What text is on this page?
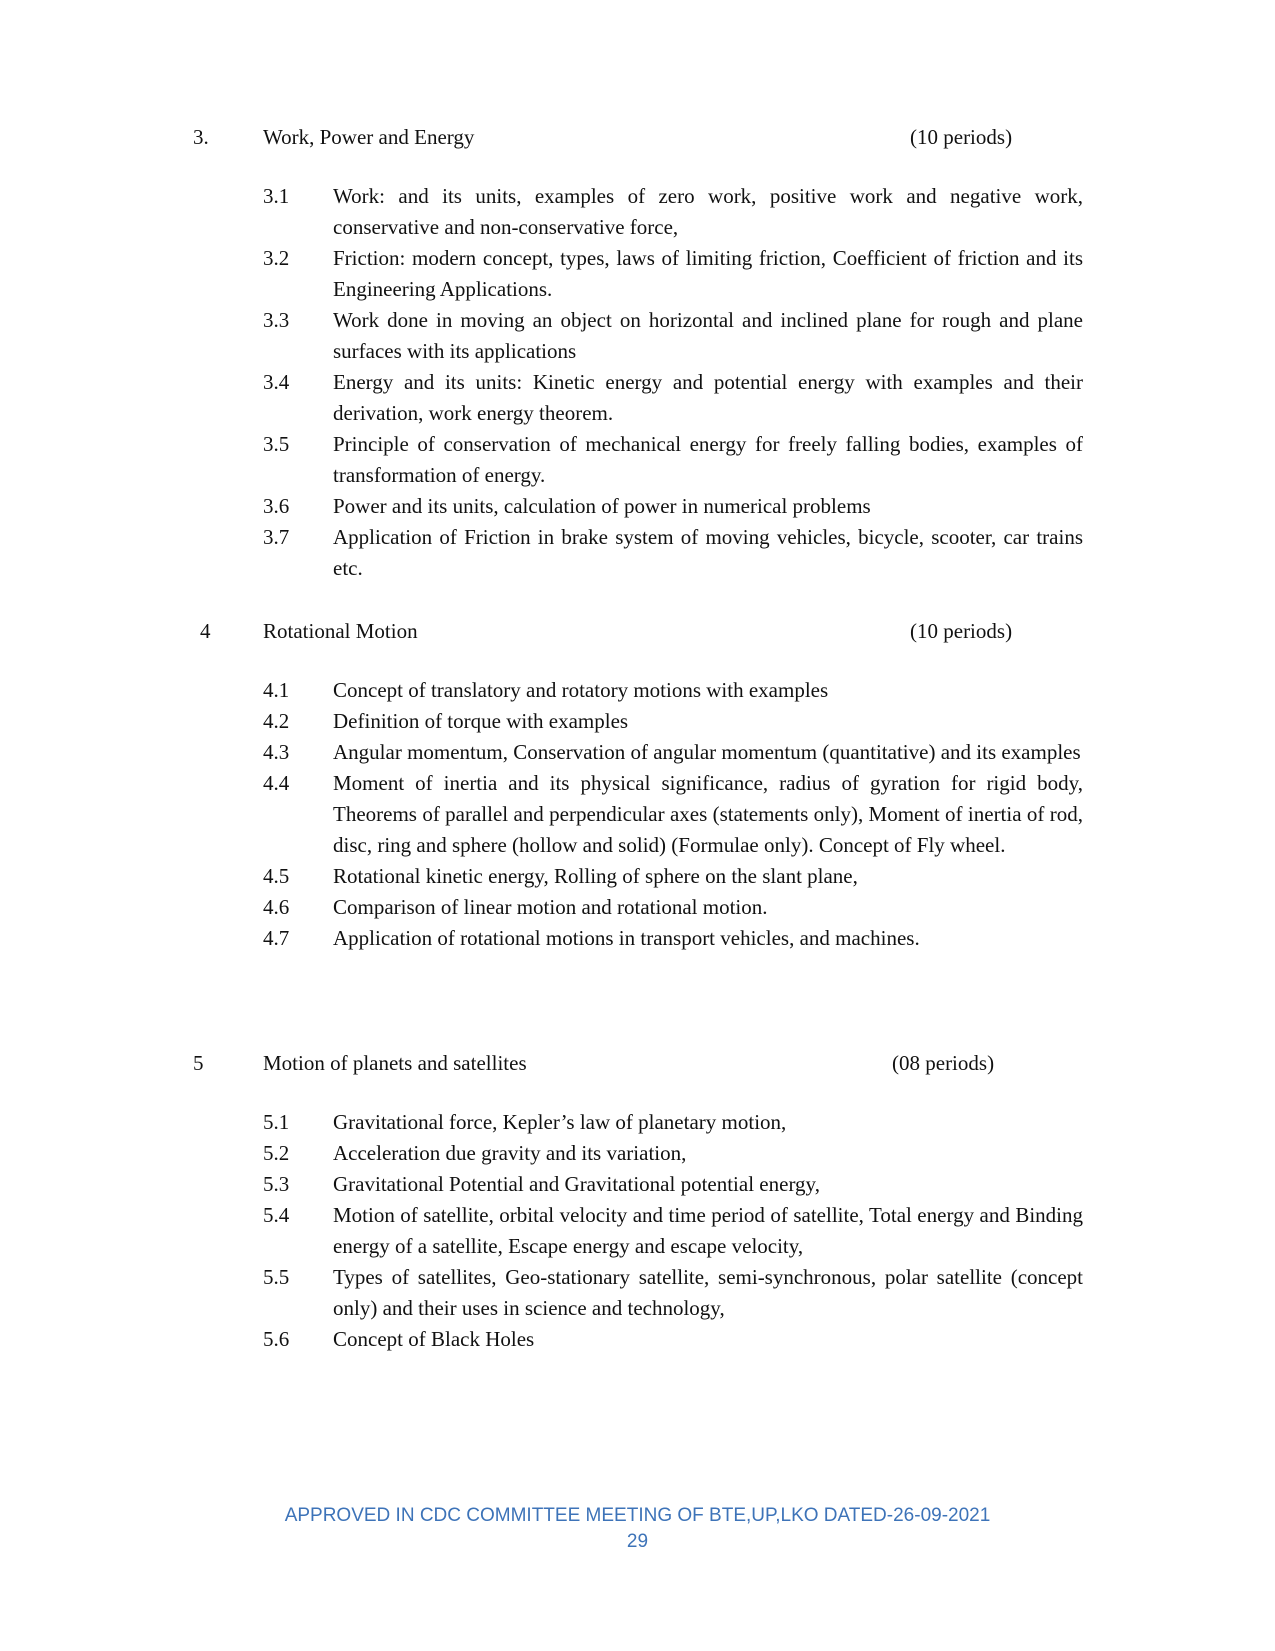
3.	Work, Power and Energy	(10 periods)
3.1 Work: and its units, examples of zero work, positive work and negative work, conservative and non-conservative force,
3.2 Friction: modern concept, types, laws of limiting friction, Coefficient of friction and its Engineering Applications.
3.3 Work done in moving an object on horizontal and inclined plane for rough and plane surfaces with its applications
3.4 Energy and its units: Kinetic energy and potential energy with examples and their derivation, work energy theorem.
3.5 Principle of conservation of mechanical energy for freely falling bodies, examples of transformation of energy.
3.6 Power and its units, calculation of power in numerical problems
3.7 Application of Friction in brake system of moving vehicles, bicycle, scooter, car trains etc.
4	Rotational Motion	(10 periods)
4.1 Concept of translatory and rotatory motions with examples
4.2 Definition of torque with examples
4.3 Angular momentum, Conservation of angular momentum (quantitative) and its examples
4.4 Moment of inertia and its physical significance, radius of gyration for rigid body, Theorems of parallel and perpendicular axes (statements only), Moment of inertia of rod, disc, ring and sphere (hollow and solid) (Formulae only). Concept of Fly wheel.
4.5 Rotational kinetic energy, Rolling of sphere on the slant plane,
4.6 Comparison of linear motion and rotational motion.
4.7 Application of rotational motions in transport vehicles, and machines.
5	Motion of planets and satellites	(08 periods)
5.1 Gravitational force, Kepler’s law of planetary motion,
5.2 Acceleration due gravity and its variation,
5.3 Gravitational Potential and Gravitational potential energy,
5.4 Motion of satellite, orbital velocity and time period of satellite, Total energy and Binding energy of a satellite, Escape energy and escape velocity,
5.5 Types of satellites, Geo-stationary satellite, semi-synchronous, polar satellite (concept only) and their uses in science and technology,
5.6 Concept of Black Holes
APPROVED IN CDC COMMITTEE MEETING OF BTE,UP,LKO DATED-26-09-2021
29
